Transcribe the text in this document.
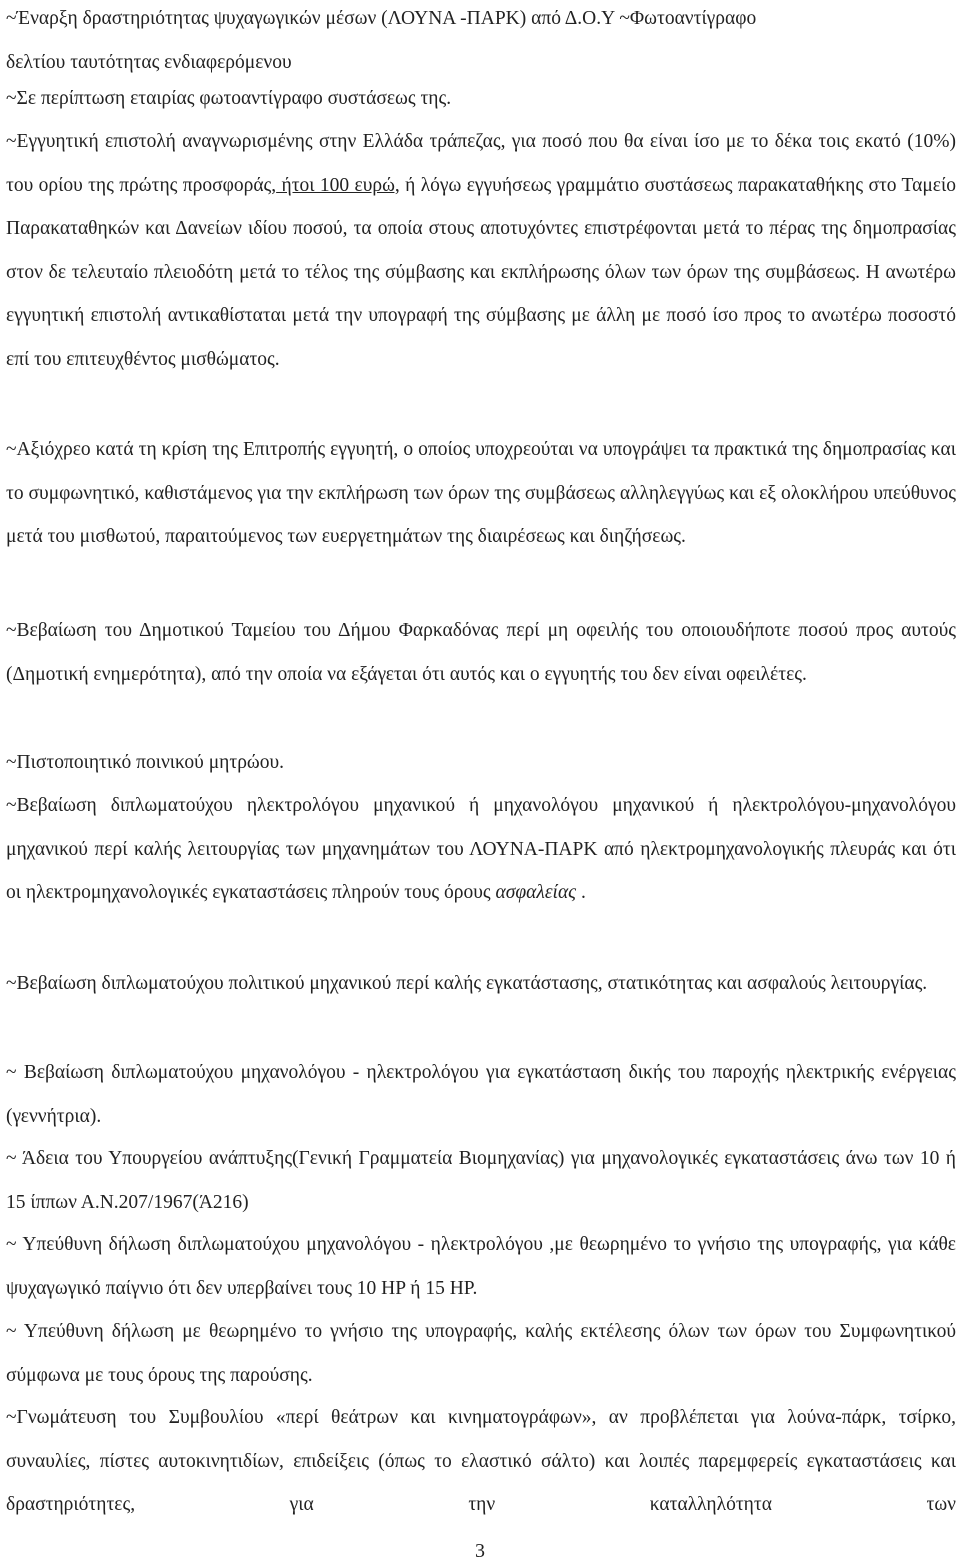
~Έναρξη δραστηριότητας ψυχαγωγικών μέσων (ΛΟΥΝΑ -ΠΑΡΚ) από Δ.Ο.Υ ~Φωτοαντίγραφο δελτίου ταυτότητας ενδιαφερόμενου

~Σε περίπτωση εταιρίας φωτοαντίγραφο συστάσεως της.

~Εγγυητική επιστολή αναγνωρισμένης στην Ελλάδα τράπεζας, για ποσό που θα είναι ίσο με το δέκα τοις εκατό (10%) του ορίου της πρώτης προσφοράς, ήτοι 100 ευρώ, ή λόγω εγγυήσεως γραμμάτιο συστάσεως παρακαταθήκης στο Ταμείο Παρακαταθηκών και Δανείων ιδίου ποσού, τα οποία στους αποτυχόντες επιστρέφονται μετά το πέρας της δημοπρασίας στον δε τελευταίο πλειοδότη μετά το τέλος της σύμβασης και εκπλήρωσης όλων των όρων της συμβάσεως. Η ανωτέρω εγγυητική επιστολή αντικαθίσταται μετά την υπογραφή της σύμβασης με άλλη με ποσό ίσο προς το ανωτέρω ποσοστό επί του επιτευχθέντος μισθώματος.

~Αξιόχρεο κατά τη κρίση της Επιτροπής εγγυητή, ο οποίος υποχρεούται να υπογράψει τα πρακτικά της δημοπρασίας και το συμφωνητικό, καθιστάμενος για την εκπλήρωση των όρων της συμβάσεως αλληλεγγύως και εξ ολοκλήρου υπεύθυνος μετά του μισθωτού, παραιτούμενος των ευεργετημάτων της διαιρέσεως και διηζήσεως.

~Βεβαίωση του Δημοτικού Ταμείου του Δήμου Φαρκαδόνας περί μη οφειλής του οποιουδήποτε ποσού προς αυτούς (Δημοτική ενημερότητα), από την οποία να εξάγεται ότι αυτός και ο εγγυητής του δεν είναι οφειλέτες.

~Πιστοποιητικό ποινικού μητρώου.

~Βεβαίωση διπλωματούχου ηλεκτρολόγου μηχανικού ή μηχανολόγου μηχανικού ή ηλεκτρολόγου-μηχανολόγου μηχανικού περί καλής λειτουργίας των μηχανημάτων του ΛΟΥΝΑ-ΠΑΡΚ από ηλεκτρομηχανολογικής πλευράς και ότι οι ηλεκτρομηχανολογικές εγκαταστάσεις πληρούν τους όρους ασφαλείας .

~Βεβαίωση διπλωματούχου πολιτικού μηχανικού περί καλής εγκατάστασης, στατικότητας και ασφαλούς λειτουργίας.

~ Βεβαίωση διπλωματούχου μηχανολόγου - ηλεκτρολόγου για εγκατάσταση δικής του παροχής ηλεκτρικής ενέργειας (γεννήτρια).

~ Άδεια του Υπουργείου ανάπτυξης(Γενική Γραμματεία Βιομηχανίας) για μηχανολογικές εγκαταστάσεις άνω των 10 ή 15 ίππων Α.Ν.207/1967(Ά216)

~ Υπεύθυνη δήλωση διπλωματούχου μηχανολόγου - ηλεκτρολόγου ,με θεωρημένο το γνήσιο της υπογραφής, για κάθε ψυχαγωγικό παίγνιο ότι δεν υπερβαίνει τους 10 HP ή 15 HP.

~ Υπεύθυνη δήλωση με θεωρημένο το γνήσιο της υπογραφής, καλής εκτέλεσης όλων των όρων του Συμφωνητικού σύμφωνα με τους όρους της παρούσης.

~Γνωμάτευση του Συμβουλίου «περί θεάτρων και κινηματογράφων», αν προβλέπεται για λούνα-πάρκ, τσίρκο, συναυλίες, πίστες αυτοκινητιδίων, επιδείξεις (όπως το ελαστικό σάλτο) και λοιπές παρεμφερείς εγκαταστάσεις και δραστηριότητες, για την καταλληλότητα των

3
